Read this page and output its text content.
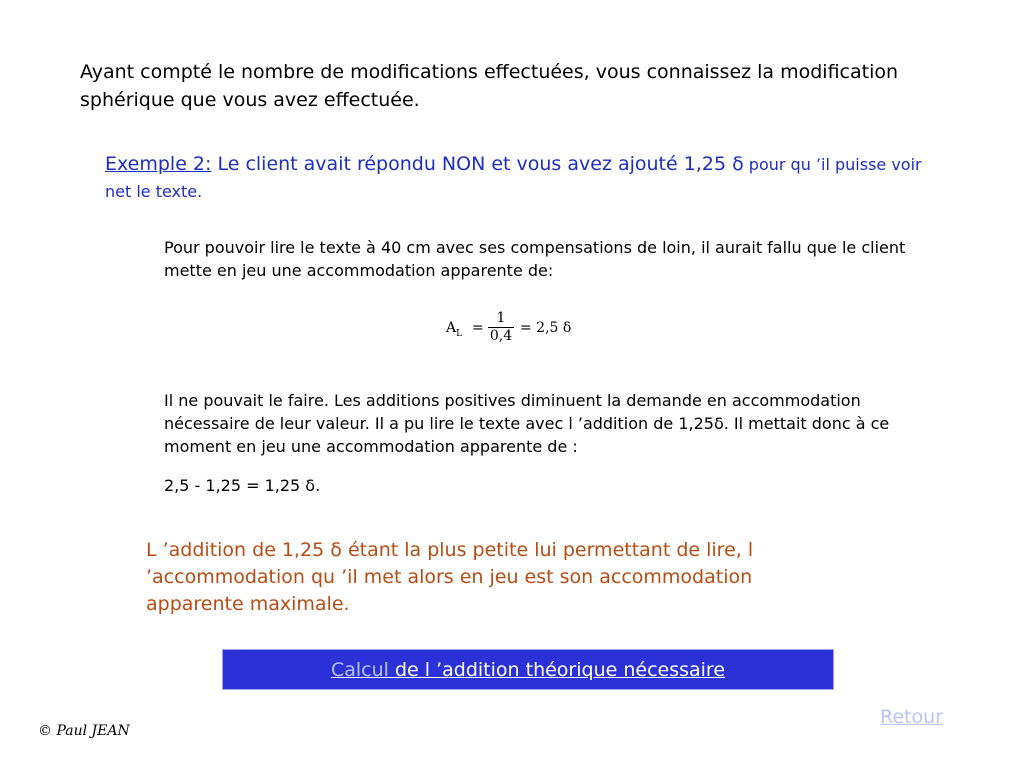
Ayant compté le nombre de modifications effectuées, vous connaissez la modification sphérique que vous avez effectuée.
Exemple 2: Le client avait répondu NON et vous avez ajouté 1,25 δ pour qu ’il puisse voir net le texte.
Pour pouvoir lire le texte à 40 cm avec ses compensations de loin, il aurait fallu que le client mette en jeu une accommodation apparente de:
$A_L$ =
1
0,4 = 2,5 δ
Il ne pouvait le faire. Les additions positives diminuent la demande en accommodation nécessaire de leur valeur. Il a pu lire le texte avec l ’addition de 1,25δ. Il mettait donc à ce moment en jeu une accommodation apparente de :
2,5 - 1,25 = 1,25 δ.
L ’addition de 1,25 δ étant la plus petite lui permettant de lire, l ’accommodation qu ’il met alors en jeu est son accommodation apparente maximale.
Calcul de l ’addition théorique nécessaire
Retour
© Paul JEAN
